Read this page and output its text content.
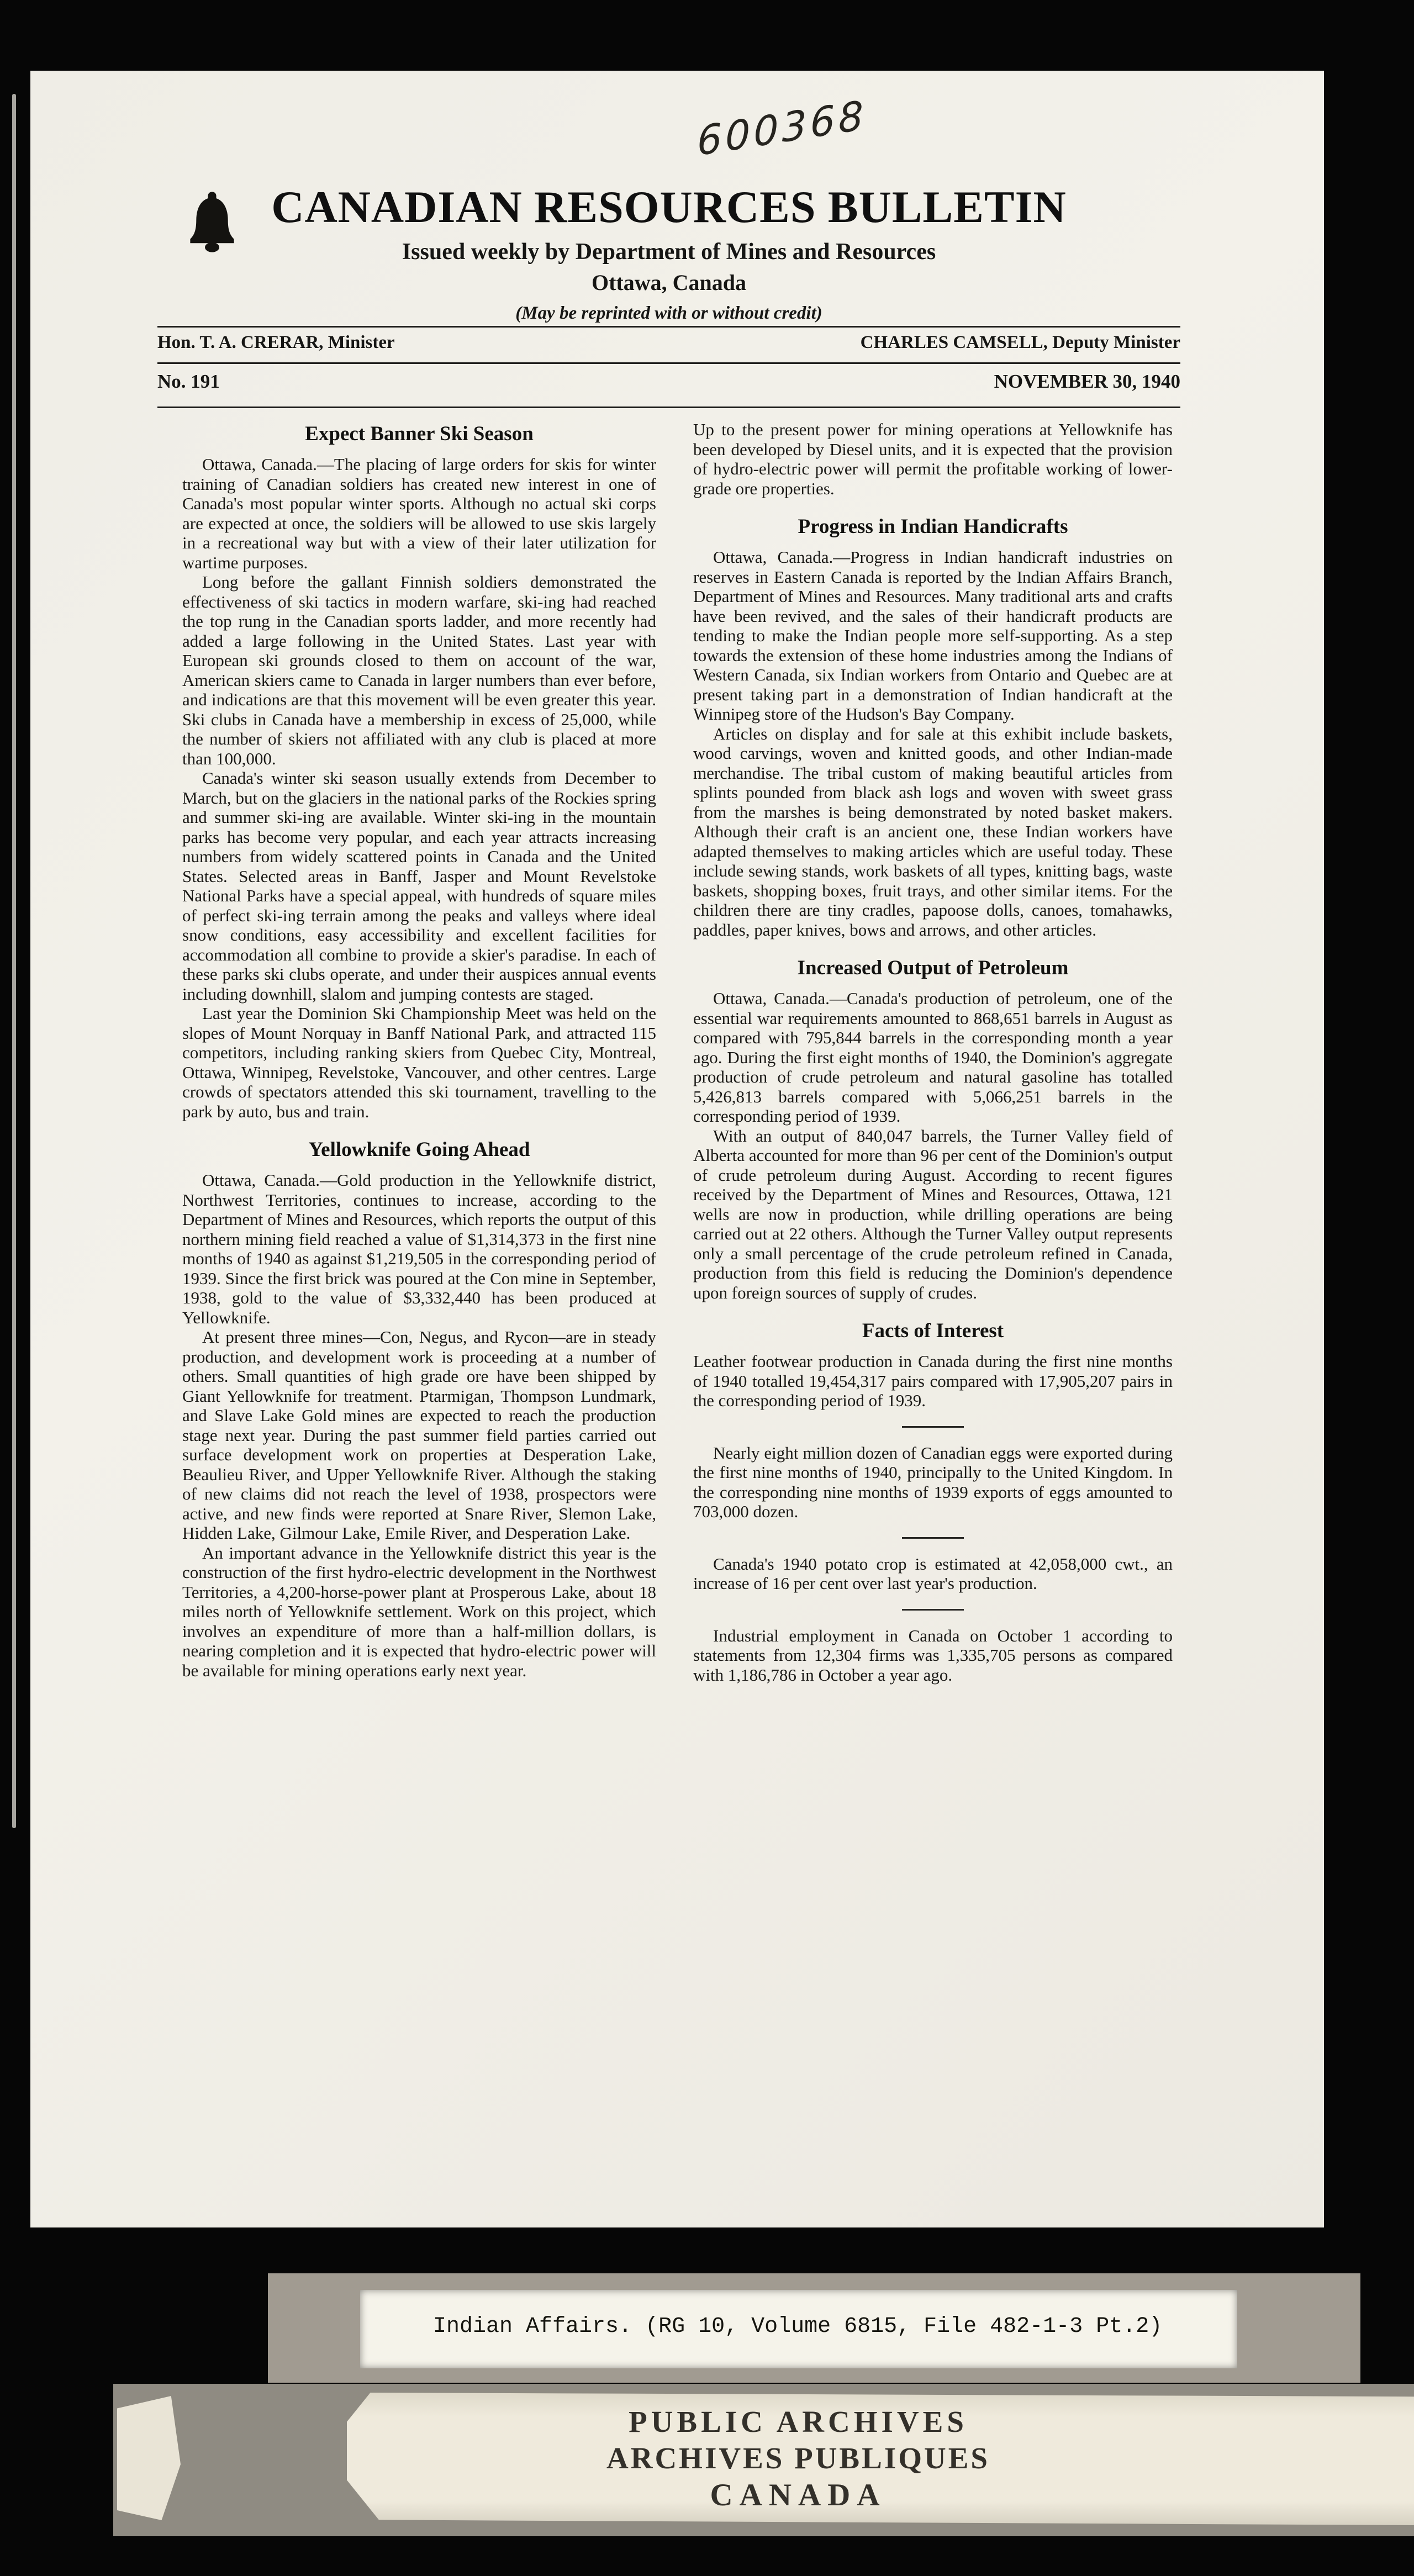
600368
CANADIAN RESOURCES BULLETIN
Issued weekly by Department of Mines and Resources
Ottawa, Canada
(May be reprinted with or without credit)
Hon. T. A. CRERAR, Minister	CHARLES CAMSELL, Deputy Minister
No. 191	NOVEMBER 30, 1940
Expect Banner Ski Season

Ottawa, Canada.—The placing of large orders for skis for winter training of Canadian soldiers has created new interest in one of Canada's most popular winter sports. Although no actual ski corps are expected at once, the soldiers will be allowed to use skis largely in a recreational way but with a view of their later utilization for wartime purposes.

Long before the gallant Finnish soldiers demonstrated the effectiveness of ski tactics in modern warfare, ski-ing had reached the top rung in the Canadian sports ladder, and more recently had added a large following in the United States. Last year with European ski grounds closed to them on account of the war, American skiers came to Canada in larger numbers than ever before, and indications are that this movement will be even greater this year. Ski clubs in Canada have a membership in excess of 25,000, while the number of skiers not affiliated with any club is placed at more than 100,000.

Canada's winter ski season usually extends from December to March, but on the glaciers in the national parks of the Rockies spring and summer ski-ing are available. Winter ski-ing in the mountain parks has become very popular, and each year attracts increasing numbers from widely scattered points in Canada and the United States. Selected areas in Banff, Jasper and Mount Revelstoke National Parks have a special appeal, with hundreds of square miles of perfect ski-ing terrain among the peaks and valleys where ideal snow conditions, easy accessibility and excellent facilities for accommodation all combine to provide a skier's paradise. In each of these parks ski clubs operate, and under their auspices annual events including downhill, slalom and jumping contests are staged.

Last year the Dominion Ski Championship Meet was held on the slopes of Mount Norquay in Banff National Park, and attracted 115 competitors, including ranking skiers from Quebec City, Montreal, Ottawa, Winnipeg, Revelstoke, Vancouver, and other centres. Large crowds of spectators attended this ski tournament, travelling to the park by auto, bus and train.

Yellowknife Going Ahead

Ottawa, Canada.—Gold production in the Yellowknife district, Northwest Territories, continues to increase, according to the Department of Mines and Resources, which reports the output of this northern mining field reached a value of $1,314,373 in the first nine months of 1940 as against $1,219,505 in the corresponding period of 1939. Since the first brick was poured at the Con mine in September, 1938, gold to the value of $3,332,440 has been produced at Yellowknife.

At present three mines—Con, Negus, and Rycon—are in steady production, and development work is proceeding at a number of others. Small quantities of high grade ore have been shipped by Giant Yellowknife for treatment. Ptarmigan, Thompson Lundmark, and Slave Lake Gold mines are expected to reach the production stage next year. During the past summer field parties carried out surface development work on properties at Desperation Lake, Beaulieu River, and Upper Yellowknife River. Although the staking of new claims did not reach the level of 1938, prospectors were active, and new finds were reported at Snare River, Slemon Lake, Hidden Lake, Gilmour Lake, Emile River, and Desperation Lake.

An important advance in the Yellowknife district this year is the construction of the first hydro-electric development in the Northwest Territories, a 4,200-horse-power plant at Prosperous Lake, about 18 miles north of Yellowknife settlement. Work on this project, which involves an expenditure of more than a half-million dollars, is nearing completion and it is expected that hydro-electric power will be available for mining operations early next year.

Up to the present power for mining operations at Yellowknife has been developed by Diesel units, and it is expected that the provision of hydro-electric power will permit the profitable working of lower-grade ore properties.

Progress in Indian Handicrafts

Ottawa, Canada.—Progress in Indian handicraft industries on reserves in Eastern Canada is reported by the Indian Affairs Branch, Department of Mines and Resources. Many traditional arts and crafts have been revived, and the sales of their handicraft products are tending to make the Indian people more self-supporting. As a step towards the extension of these home industries among the Indians of Western Canada, six Indian workers from Ontario and Quebec are at present taking part in a demonstration of Indian handicraft at the Winnipeg store of the Hudson's Bay Company.

Articles on display and for sale at this exhibit include baskets, wood carvings, woven and knitted goods, and other Indian-made merchandise. The tribal custom of making beautiful articles from splints pounded from black ash logs and woven with sweet grass from the marshes is being demonstrated by noted basket makers. Although their craft is an ancient one, these Indian workers have adapted themselves to making articles which are useful today. These include sewing stands, work baskets of all types, knitting bags, waste baskets, shopping boxes, fruit trays, and other similar items. For the children there are tiny cradles, papoose dolls, canoes, tomahawks, paddles, paper knives, bows and arrows, and other articles.

Increased Output of Petroleum

Ottawa, Canada.—Canada's production of petroleum, one of the essential war requirements amounted to 868,651 barrels in August as compared with 795,844 barrels in the corresponding month a year ago. During the first eight months of 1940, the Dominion's aggregate production of crude petroleum and natural gasoline has totalled 5,426,813 barrels compared with 5,066,251 barrels in the corresponding period of 1939.

With an output of 840,047 barrels, the Turner Valley field of Alberta accounted for more than 96 per cent of the Dominion's output of crude petroleum during August. According to recent figures received by the Department of Mines and Resources, Ottawa, 121 wells are now in production, while drilling operations are being carried out at 22 others. Although the Turner Valley output represents only a small percentage of the crude petroleum refined in Canada, production from this field is reducing the Dominion's dependence upon foreign sources of supply of crudes.

Facts of Interest

Leather footwear production in Canada during the first nine months of 1940 totalled 19,454,317 pairs compared with 17,905,207 pairs in the corresponding period of 1939.

Nearly eight million dozen of Canadian eggs were exported during the first nine months of 1940, principally to the United Kingdom. In the corresponding nine months of 1939 exports of eggs amounted to 703,000 dozen.

Canada's 1940 potato crop is estimated at 42,058,000 cwt., an increase of 16 per cent over last year's production.

Industrial employment in Canada on October 1 according to statements from 12,304 firms was 1,335,705 persons as compared with 1,186,786 in October a year ago.

Indian Affairs. (RG 10, Volume 6815, File 482-1-3 Pt.2)
PUBLIC ARCHIVES
ARCHIVES PUBLIQUES
CANADA
